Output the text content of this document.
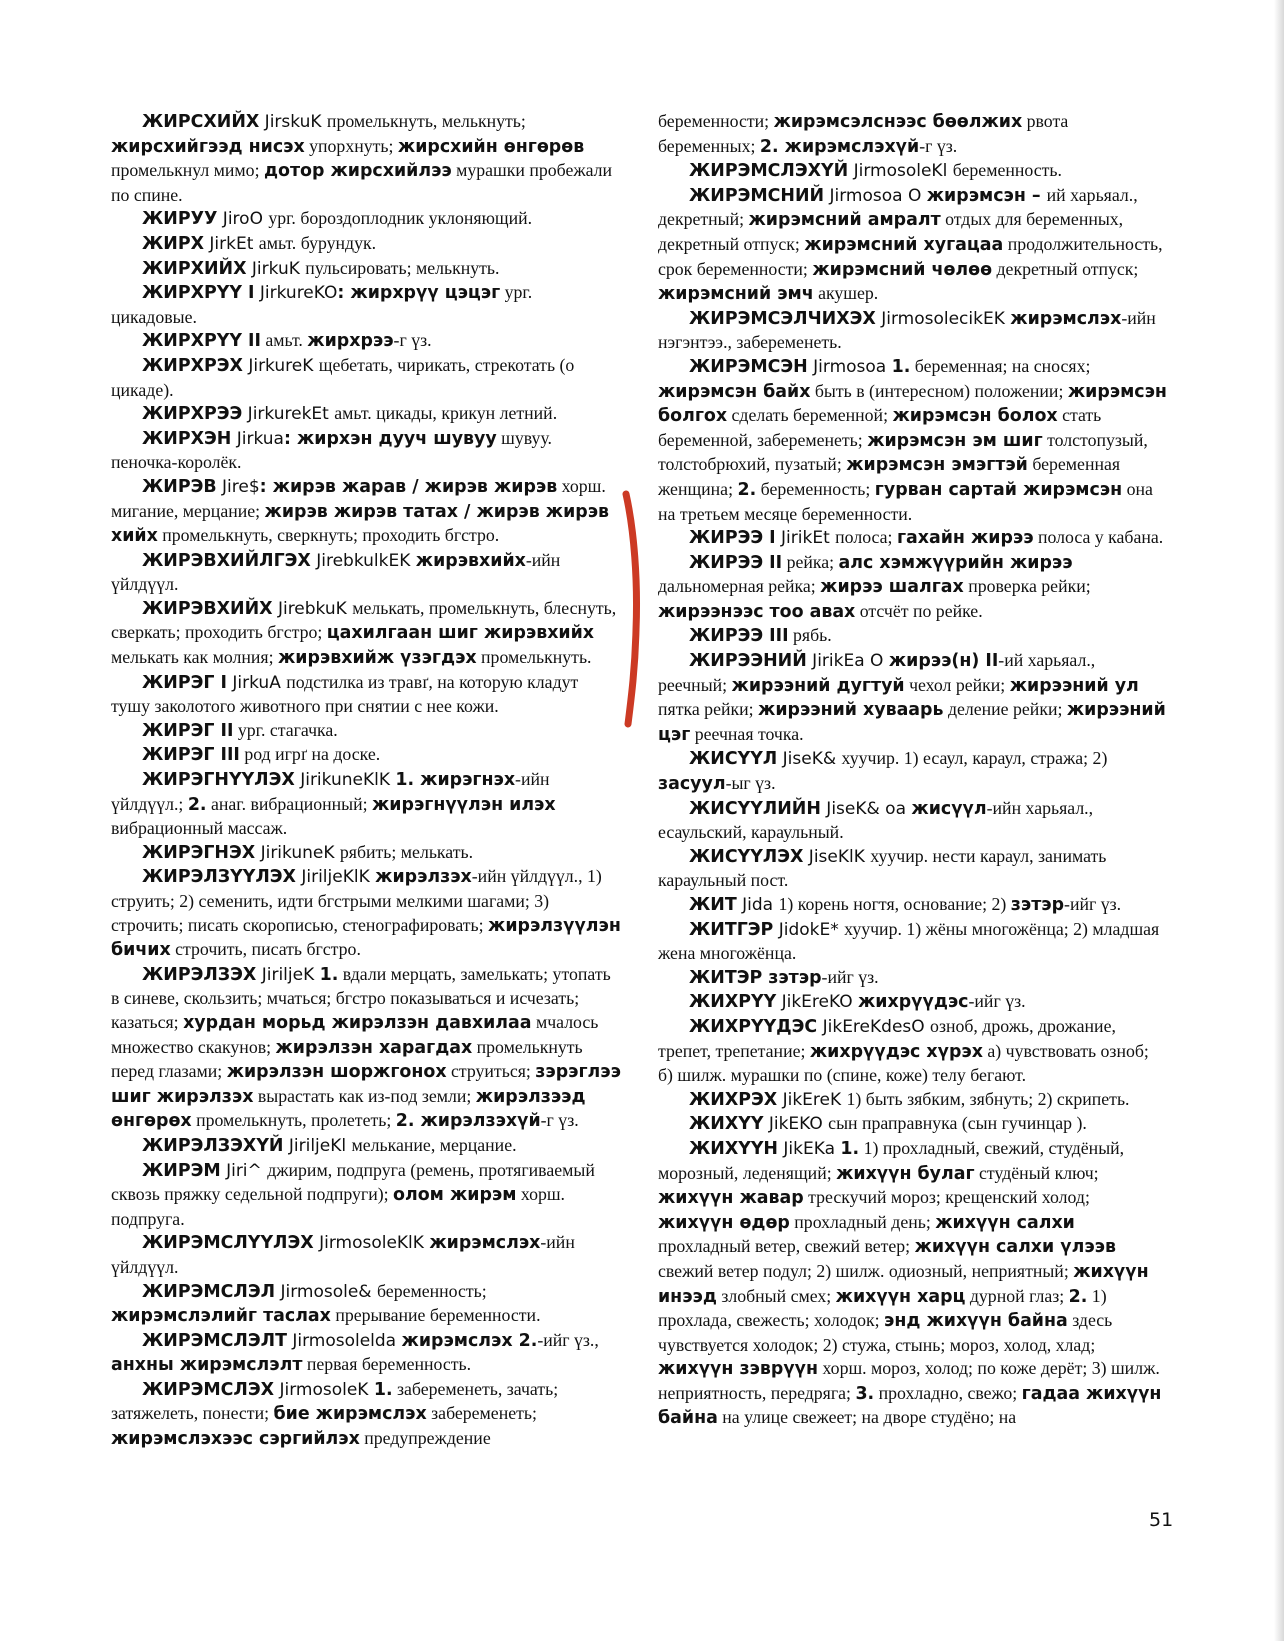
ЖИРСХИЙХ JirskuK промелькнуть, мелькнуть; жирсхийгээд нисэх упорхнуть; жирсхийн өнгөрөв промелькнул мимо; дотор жирсхийлээ мурашки пробежали по спине.

ЖИРУУ JiroO ург. бороздоплодник уклоняющий.

ЖИРХ JirkEt амьт. бурундук.

ЖИРХИЙХ JirkuK пульсировать; мелькнуть.

ЖИРХРҮҮ I JirkureKO: жирхрүү цэцэг ург. цикадовые.

ЖИРХРҮҮ II амьт. жирхрээ-г үз.

ЖИРХРЭХ JirkureK щебетать, чирикать, стрекотать (о цикаде).

ЖИРХРЭЭ JirkurekEt амьт. цикады, крикун летний.

ЖИРХЭН Jirkua: жирхэн дууч шувуу шувуу. пеночка-королёк.

ЖИРЭВ Jire$: жирэв жарав / жирэв жирэв хорш. мигание, мерцание; жирэв жирэв татах / жирэв жирэв хийх промелькнуть, сверкнуть; проходить бгстро.

ЖИРЭВХИЙЛГЭХ JirebkulkEK жирэвхийх-ийн үйлдүүл.

ЖИРЭВХИЙХ JirebkuK мелькать, промелькнуть, блеснуть, сверкать; проходить бгстро; цахилгаан шиг жирэвхийх мелькать как молния; жирэвхийж үзэгдэх промелькнуть.

ЖИРЭГ I JirkuA подстилка из травґ, на которую кладут тушу заколотого животного при снятии с нее кожи.

ЖИРЭГ II ург. стагачка.

ЖИРЭГ III род игрґ на доске.

ЖИРЭГНҮҮЛЭХ JirikuneKlK 1. жирэгнэх-ийн үйлдүүл.; 2. анаг. вибрационный; жирэгнүүлэн илэх вибрационный массаж.

ЖИРЭГНЭХ JirikuneK рябить; мелькать.

ЖИРЭЛЗҮҮЛЭХ JiriljeKlK жирэлзэх-ийн үйлдүүл., 1) струить; 2) семенить, идти бгстрыми мелкими шагами; 3) строчить; писать скорописью, стенографировать; жирэлзүүлэн бичих строчить, писать бгстро.

ЖИРЭЛЗЭХ JiriljeK 1. вдали мерцать, замелькать; утопать в синеве, скользить; мчаться; бгстро показываться и исчезать; казаться; хурдан морьд жирэлзэн давхилаа мчалось множество скакунов; жирэлзэн харагдах промелькнуть перед глазами; жирэлзэн шоржгонох струиться; зэрэглээ шиг жирэлзэх вырастать как из-под земли; жирэлзээд өнгөрөх промелькнуть, пролететь; 2. жирэлзэхүй-г үз.

ЖИРЭЛЗЭХҮЙ JiriljeKl мелькание, мерцание.

ЖИРЭМ Jiri^ джирим, подпруга (ремень, протягиваемый сквозь пряжку седельной подпруги); олом жирэм хорш. подпруга.

ЖИРЭМСЛҮҮЛЭХ JirmosoleKlK жирэмслэх-ийн үйлдүүл.

ЖИРЭМСЛЭЛ Jirmosole& беременность; жирэмслэлийг таслах прерывание беременности.

ЖИРЭМСЛЭЛТ Jirmosolelda жирэмслэх 2.-ийг үз., анхны жирэмслэлт первая беременность.

ЖИРЭМСЛЭХ JirmosoleK 1. забеременеть, зачать; затяжелеть, понести; бие жирэмслэх забеременеть; жирэмслэхээс сэргийлэх предупреждение

беременности; жирэмсэлснээс бөөлжих рвота беременных; 2. жирэмслэхүй-г үз.

ЖИРЭМСЛЭХҮЙ JirmosoleKl беременность.

ЖИРЭМСНИЙ Jirmosoa O жирэмсэн – ий харьяал., декретный; жирэмсний амралт отдых для беременных, декретный отпуск; жирэмсний хугацаа продолжительность, срок беременности; жирэмсний чөлөө декретный отпуск; жирэмсний эмч акушер.

ЖИРЭМСЭЛЧИХЭХ JirmosolecikEK жирэмслэх-ийн нэгэнтээ., забеременеть.

ЖИРЭМСЭН Jirmosoa 1. беременная; на сносях; жирэмсэн байх быть в (интересном) положении; жирэмсэн болгох сделать беременной; жирэмсэн болох стать беременной, забеременеть; жирэмсэн эм шиг толстопузый, толстобрюхий, пузатый; жирэмсэн эмэгтэй беременная женщина; 2. беременность; гурван сартай жирэмсэн она на третьем месяце беременности.

ЖИРЭЭ I JirikEt полоса; гахайн жирээ полоса у кабана.

ЖИРЭЭ II рейка; алс хэмжүүрийн жирээ дальномерная рейка; жирээ шалгах проверка рейки; жирээнээс тоо авах отсчёт по рейке.

ЖИРЭЭ III рябь.

ЖИРЭЭНИЙ JirikEa O жирээ(н) II-ий харьяал., реечный; жирээний дугтуй чехол рейки; жирээний ул пятка рейки; жирээний хуваарь деление рейки; жирээний цэг реечная точка.

ЖИСҮҮЛ JiseK& хуучир. 1) есаул, караул, стража; 2) засуул-ыг үз.

ЖИСҮҮЛИЙН JiseK& oa жисүүл-ийн харьяал., есаульский, караульный.

ЖИСҮҮЛЭХ JiseKlK хуучир. нести караул, занимать караульный пост.

ЖИТ Jida 1) корень ногтя, основание; 2) зэтэр-ийг үз.

ЖИТГЭР JidokE* хуучир. 1) жёны многожёнца; 2) младшая жена многожёнца.

ЖИТЭР зэтэр-ийг үз.

ЖИХРҮҮ JikEreKO жихрүүдэс-ийг үз.

ЖИХРҮҮДЭС JikEreKdesO озноб, дрожь, дрожание, трепет, трепетание; жихрүүдэс хүрэх а) чувствовать озноб; б) шилж. мурашки по (спине, коже) телу бегают.

ЖИХРЭХ JikEreK 1) быть зябким, зябнуть; 2) скрипеть.

ЖИХҮҮ JikEKO сын праправнука (сын гучинцар ).

ЖИХҮҮН JikEKa 1. 1) прохладный, свежий, студёный, морозный, леденящий; жихүүн булаг студёный ключ; жихүүн жавар трескучий мороз; крещенский холод; жихүүн өдөр прохладный день; жихүүн салхи прохладный ветер, свежий ветер; жихүүн салхи үлээв свежий ветер подул; 2) шилж. одиозный, неприятный; жихүүн инээд злобный смех; жихүүн харц дурной глаз; 2. 1) прохлада, свежесть; холодок; энд жихүүн байна здесь чувствуется холодок; 2) стужа, стынь; мороз, холод, хлад; жихүүн зэврүүн хорш. мороз, холод; по коже дерёт; 3) шилж. неприятность, передряга; 3. прохладно, свежо; гадаа жихүүн байна на улице свежеет; на дворе студёно; на

51
